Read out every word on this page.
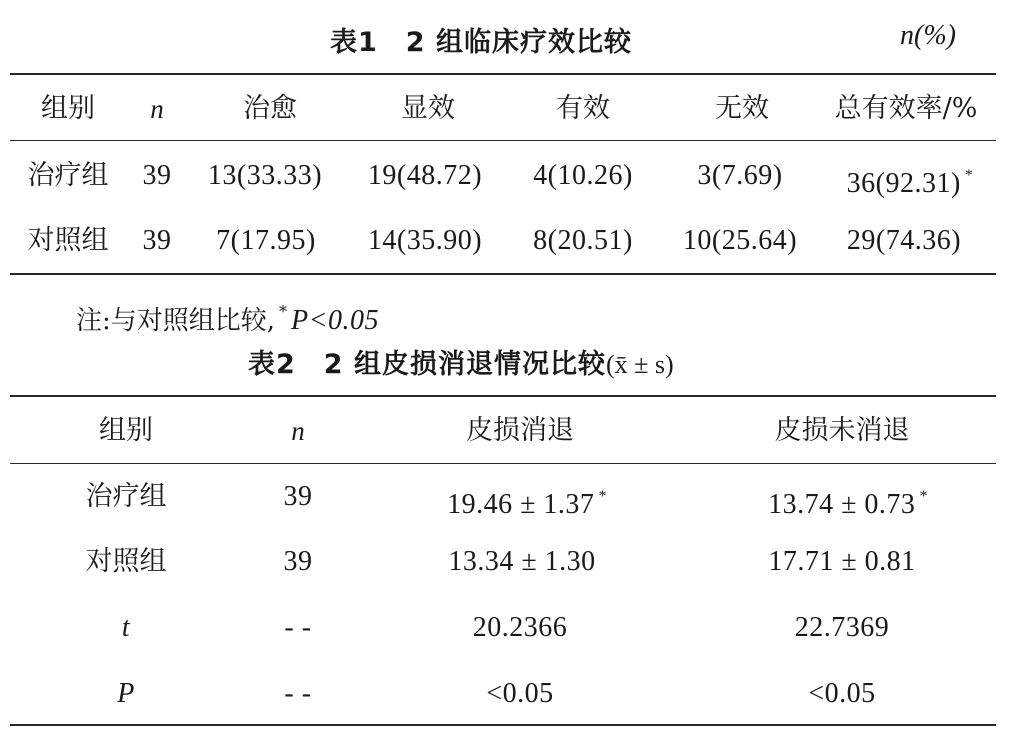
表1　2 组临床疗效比较	n(%)
组别 n	治愈	显效	有效	无效 总有效率/%
治疗组 39 13(33.33) 19(48.72) 4(10.26) 3(7.69) 36(92.31) *
对照组 39 7(17.95) 14(35.90) 8(20.51) 10(25.64) 29(74.36)
注:与对照组比较, * P<0.05
表2　2 组皮损消退情况比较(x̄ ± s)
组别	n	皮损消退	皮损未消退
治疗组	39	19.46 ± 1.37 *	13.74 ± 0.73 *
对照组	39	13.34 ± 1.30	17.71 ± 0.81
t	- -	20.2366	22.7369
P	- -	<0.05	<0.05
